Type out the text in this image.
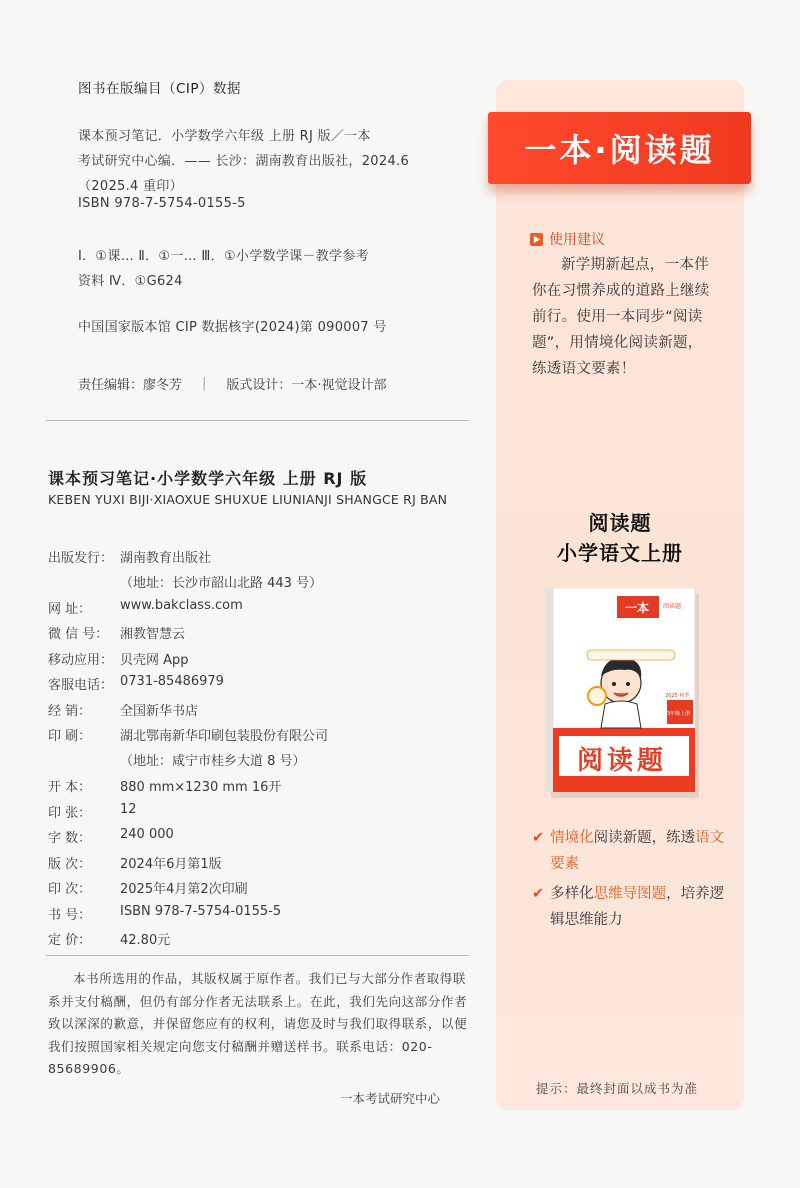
图书在版编目（CIP）数据
课本预习笔记．小学数学六年级 上册 RJ 版／一本
考试研究中心编．—— 长沙：湖南教育出版社，2024.6
（2025.4 重印）
ISBN 978-7-5754-0155-5
Ⅰ．①课… Ⅱ．①一… Ⅲ．①小学数学课－教学参考
资料 Ⅳ．①G624
中国国家版本馆 CIP 数据核字(2024)第 090007 号
责任编辑：廖冬芳	|	版式设计：一本·视觉设计部
课本预习笔记·小学数学六年级 上册 RJ 版
KEBEN YUXI BIJI·XIAOXUE SHUXUE LIUNIANJI SHANGCE RJ BAN
出版发行： 湖南教育出版社
（地址：长沙市韶山北路 443 号）
网 址：	www.bakclass.com
微 信 号： 湘教智慧云
移动应用： 贝壳网 App
客服电话： 0731-85486979
经 销：	全国新华书店
印 刷：	湖北鄂南新华印刷包装股份有限公司
（地址：咸宁市桂乡大道 8 号）
开 本：	880 mm×1230 mm 16开
印 张：	12
字 数：	240 000
版 次：	2024年6月第1版
印 次：	2025年4月第2次印刷
书 号：	ISBN 978-7-5754-0155-5
定 价：	42.80元
本书所选用的作品，其版权属于原作者。我们已与大部分作者取得联系并支付稿酬，但仍有部分作者无法联系上。在此，我们先向这部分作者致以深深的歉意，并保留您应有的权利，请您及时与我们取得联系，以便我们按照国家相关规定向您支付稿酬并赠送样书。联系电话：020-85689906。
一本考试研究中心
一本·阅读题
使用建议
新学期新起点，一本伴你在习惯养成的道路上继续前行。使用一本同步“阅读题”，用情境化阅读新题，练透语文要素！
阅读题
小学语文上册
一本 阅读题
2025·秋季
3年级上册
阅读题
✔ 情境化阅读新题，练透语文要素
✔ 多样化思维导图题，培养逻辑思维能力
提示：最终封面以成书为准
